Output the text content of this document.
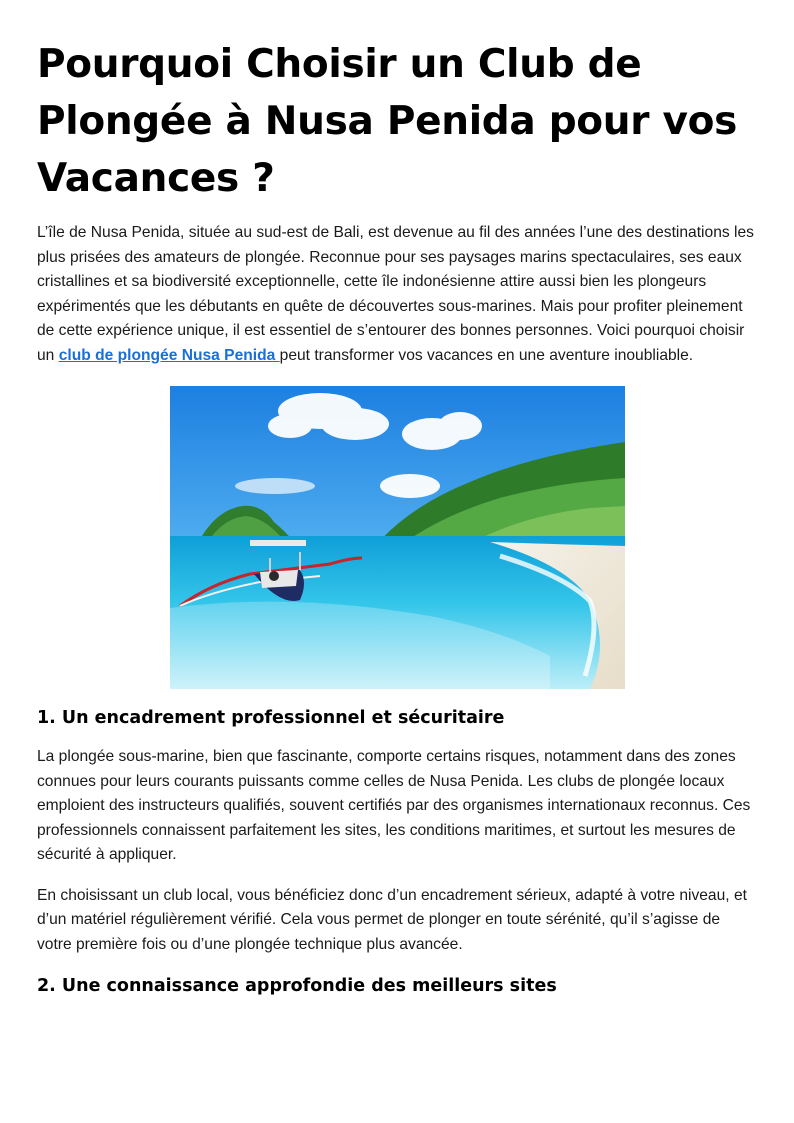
Pourquoi Choisir un Club de Plongée à Nusa Penida pour vos Vacances ?

L’île de Nusa Penida, située au sud-est de Bali, est devenue au fil des années l’une des destinations les plus prisées des amateurs de plongée. Reconnue pour ses paysages marins spectaculaires, ses eaux cristallines et sa biodiversité exceptionnelle, cette île indonésienne attire aussi bien les plongeurs expérimentés que les débutants en quête de découvertes sous-marines. Mais pour profiter pleinement de cette expérience unique, il est essentiel de s’entourer des bonnes personnes. Voici pourquoi choisir un club de plongée Nusa Penida peut transformer vos vacances en une aventure inoubliable.

1. Un encadrement professionnel et sécuritaire

La plongée sous-marine, bien que fascinante, comporte certains risques, notamment dans des zones connues pour leurs courants puissants comme celles de Nusa Penida. Les clubs de plongée locaux emploient des instructeurs qualifiés, souvent certifiés par des organismes internationaux reconnus. Ces professionnels connaissent parfaitement les sites, les conditions maritimes, et surtout les mesures de sécurité à appliquer.

En choisissant un club local, vous bénéficiez donc d’un encadrement sérieux, adapté à votre niveau, et d’un matériel régulièrement vérifié. Cela vous permet de plonger en toute sérénité, qu’il s’agisse de votre première fois ou d’une plongée technique plus avancée.

2. Une connaissance approfondie des meilleurs sites
